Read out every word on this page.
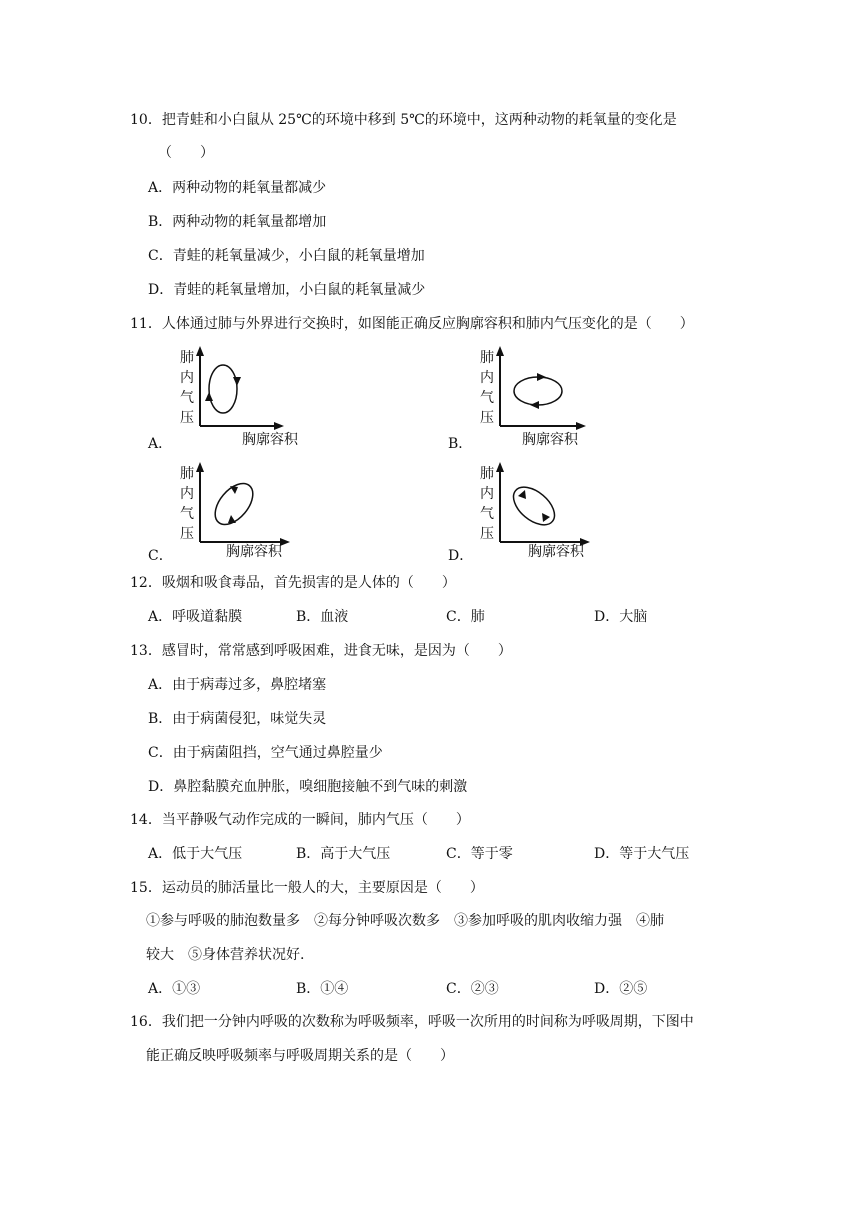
10．把青蛙和小白鼠从 25℃的环境中移到 5℃的环境中，这两种动物的耗氧量的变化是
（　　）
A．两种动物的耗氧量都减少
B．两种动物的耗氧量都增加
C．青蛙的耗氧量减少，小白鼠的耗氧量增加
D．青蛙的耗氧量增加，小白鼠的耗氧量减少
11．人体通过肺与外界进行交换时，如图能正确反应胸廓容积和肺内气压变化的是（　　）
肺
内
气
压
胸廓容积
A．
肺
内
气
压
胸廓容积
B．
肺
内
气
压
胸廓容积
C．
肺
内
气
压
胸廓容积
D．
12．吸烟和吸食毒品，首先损害的是人体的（　　）
A．呼吸道黏膜	B．血液	C．肺	D．大脑
13．感冒时，常常感到呼吸困难，进食无味，是因为（　　）
A．由于病毒过多，鼻腔堵塞
B．由于病菌侵犯，味觉失灵
C．由于病菌阻挡，空气通过鼻腔量少
D．鼻腔黏膜充血肿胀，嗅细胞接触不到气味的刺激
14．当平静吸气动作完成的一瞬间，肺内气压（　　）
A．低于大气压	B．高于大气压	C．等于零	D．等于大气压
15．运动员的肺活量比一般人的大，主要原因是（　　）
①参与呼吸的肺泡数量多　②每分钟呼吸次数多　③参加呼吸的肌肉收缩力强　④肺
较大　⑤身体营养状况好.
A．①③	B．①④	C．②③	D．②⑤
16．我们把一分钟内呼吸的次数称为呼吸频率，呼吸一次所用的时间称为呼吸周期，下图中
能正确反映呼吸频率与呼吸周期关系的是（　　）
